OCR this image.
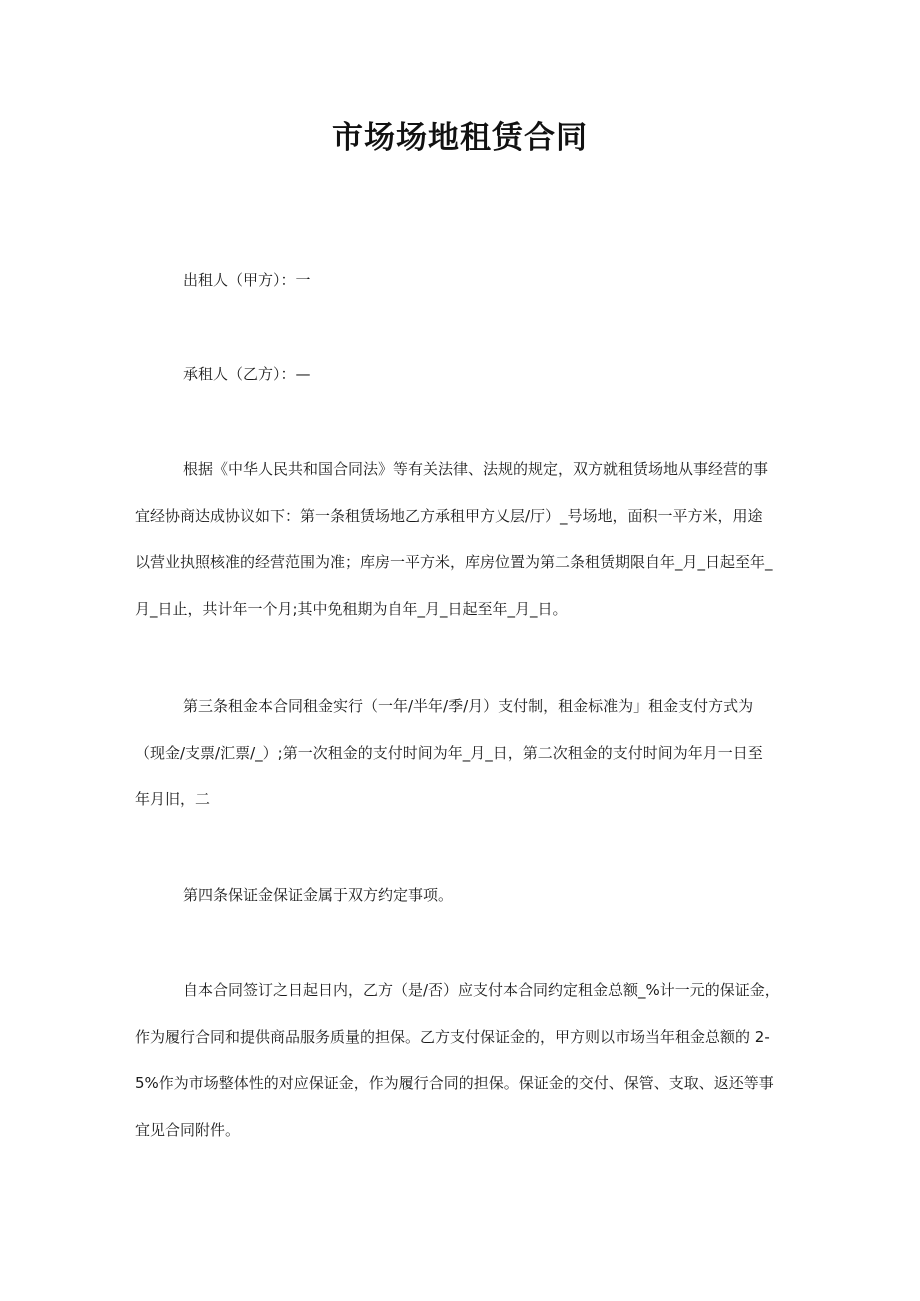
市场场地租赁合同

出租人（甲方）：一

承租人（乙方）：—

根据《中华人民共和国合同法》等有关法律、法规的规定，双方就租赁场地从事经营的事
宜经协商达成协议如下：第一条租赁场地乙方承租甲方乂层/厅）_号场地，面积一平方米，用途
以营业执照核准的经营范围为准；库房一平方米，库房位置为第二条租赁期限自年_月_日起至年_
月_日止，共计年一个月;其中免租期为自年_月_日起至年_月_日。

第三条租金本合同租金实行（一年/半年/季/月）支付制，租金标准为」租金支付方式为
（现金/支票/汇票/_）;第一次租金的支付时间为年_月_日，第二次租金的支付时间为年月一日至
年月旧，二

第四条保证金保证金属于双方约定事项。

自本合同签订之日起日内，乙方（是/否）应支付本合同约定租金总额_%计一元的保证金，
作为履行合同和提供商品服务质量的担保。乙方支付保证金的，甲方则以市场当年租金总额的 2-
5%作为市场整体性的对应保证金，作为履行合同的担保。保证金的交付、保管、支取、返还等事
宜见合同附件。
